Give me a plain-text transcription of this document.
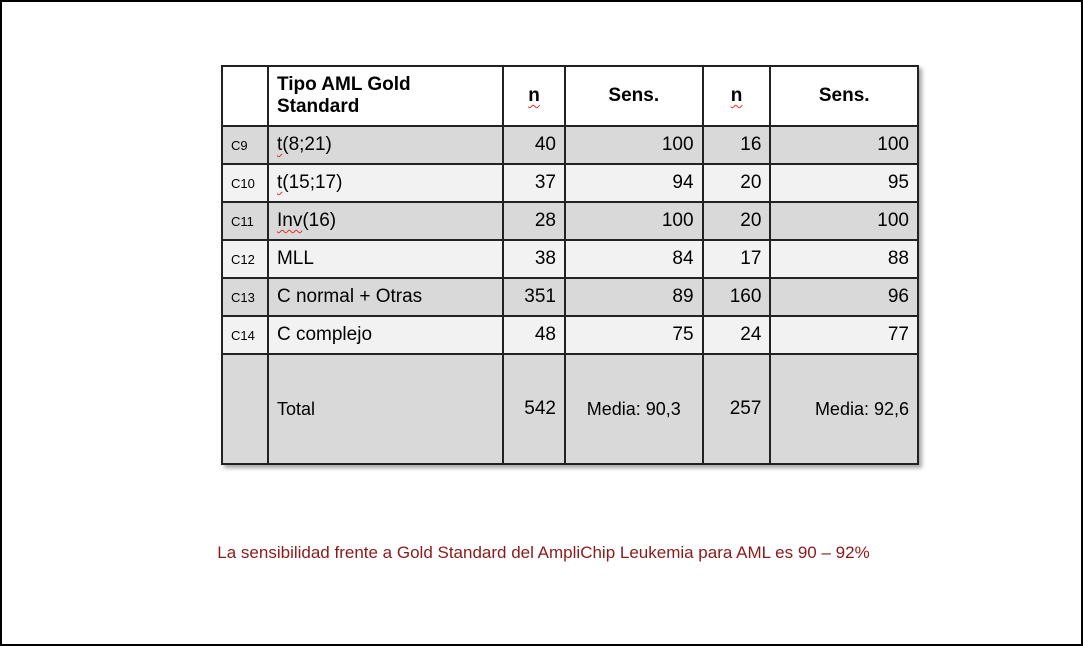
	Tipo AML Gold Standard	n	Sens.	n	Sens.
C9	t(8;21)	40	100	16	100
C10	t(15;17)	37	94	20	95
C11	Inv(16)	28	100	20	100
C12	MLL	38	84	17	88
C13	C normal + Otras	351	89	160	96
C14	C complejo	48	75	24	77
	Total	542	Media: 90,3	257	Media: 92,6
La sensibilidad frente a Gold Standard del AmpliChip Leukemia para AML es 90 – 92%
